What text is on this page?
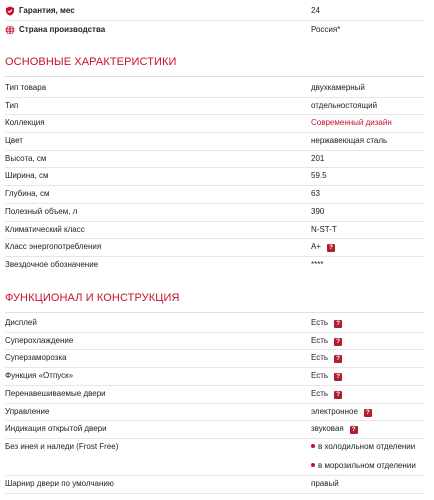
Гарантия, мес	24
Страна производства	Россия*
ОСНОВНЫЕ ХАРАКТЕРИСТИКИ
Тип товара	двухкамерный
Тип	отдельностоящий
Коллекция	Современный дизайн
Цвет	нержавеющая сталь
Высота, см	201
Ширина, см	59.5
Глубина, см	63
Полезный объем, л	390
Климатический класс	N-ST-T
Класс энергопотребления	A+ ?
Звездочное обозначение	****
ФУНКЦИОНАЛ И КОНСТРУКЦИЯ
Дисплей	Есть ?
Суперохлаждение	Есть ?
Суперзаморозка	Есть ?
Функция «Отпуск»	Есть ?
Перенавешиваемые двери	Есть ?
Управление	электронное ?
Индикация открытой двери	звуковая ?
Без инея и наледи (Frost Free)	в холодильном отделении
в морозильном отделении
Шарнир двери по умолчанию	правый
